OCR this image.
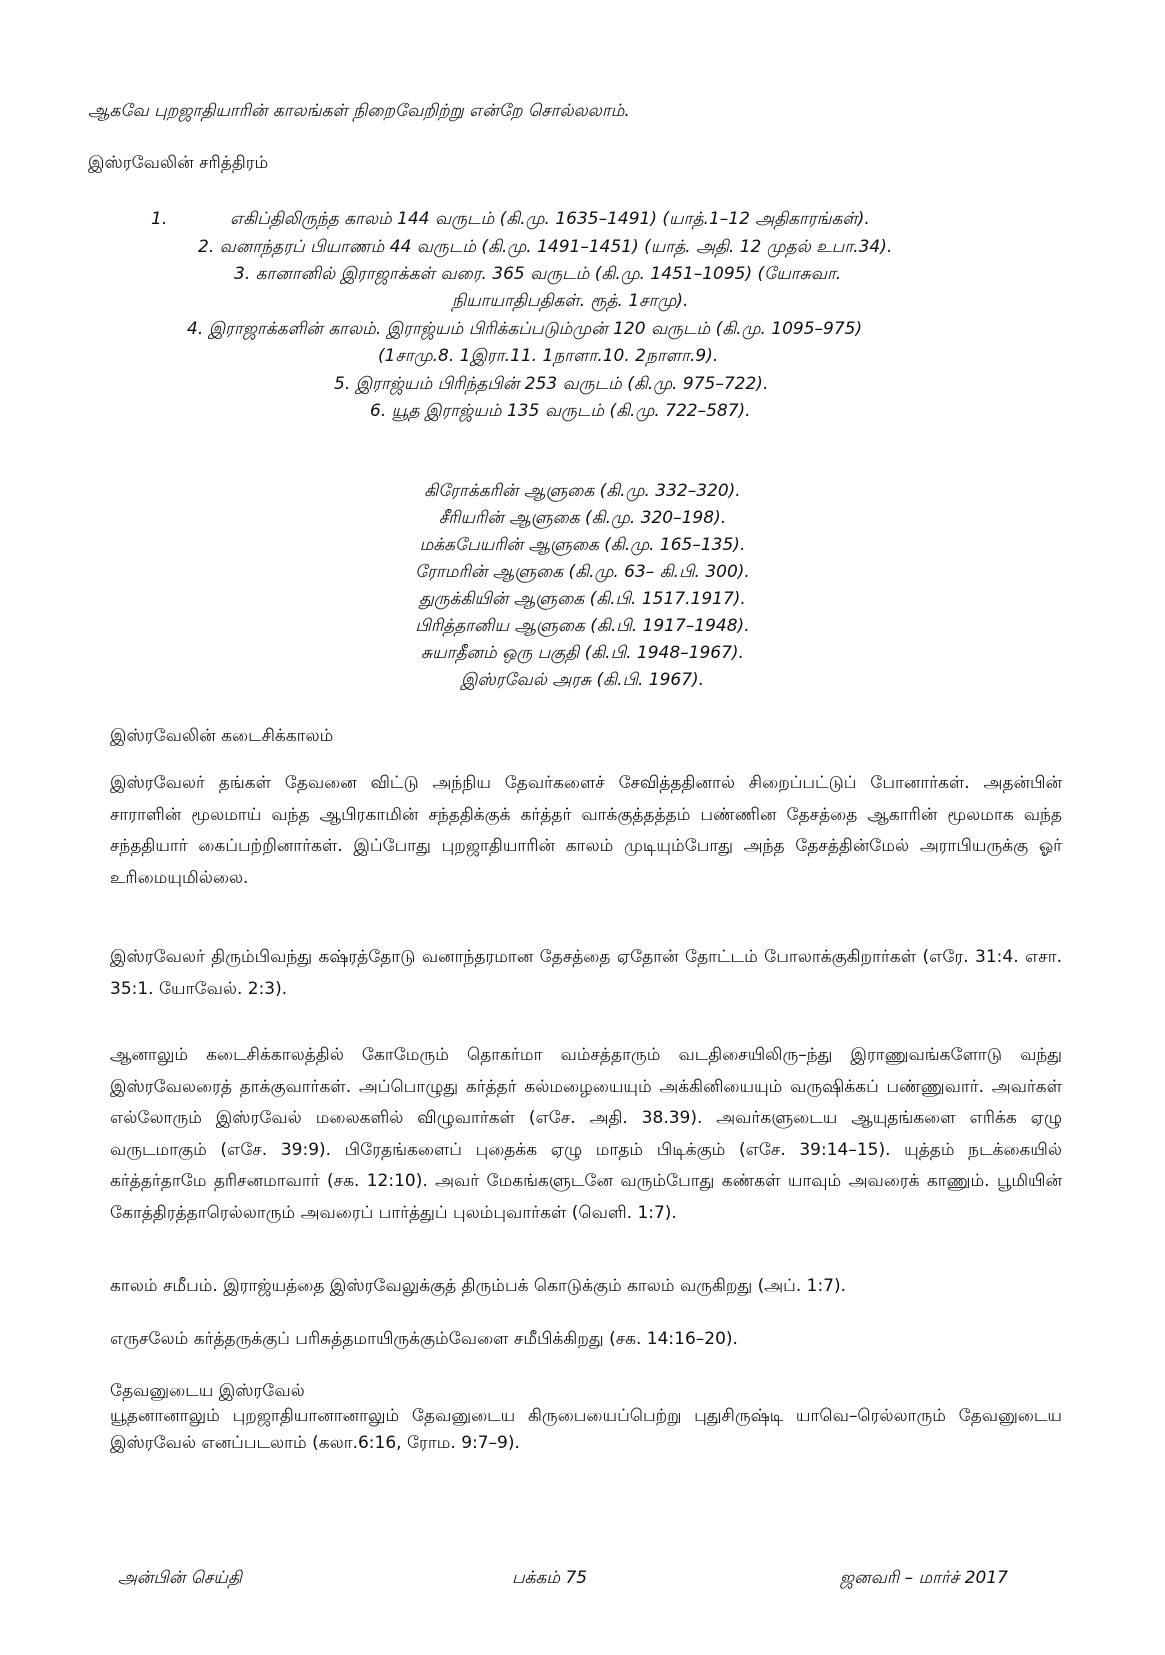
ஆகவே புறஜாதியாரின் காலங்கள் நிறைவேறிற்று என்றே சொல்லலாம்.

இஸ்ரவேலின் சரித்திரம்

1.	எகிப்திலிருந்த காலம் 144 வருடம் (கி.மு. 1635–1491) (யாத்.1–12 அதிகாரங்கள்).

2. வனாந்தரப் பியாணம் 44 வருடம் (கி.மு. 1491–1451) (யாத். அதி. 12 முதல் உபா.34).

3. கானானில் இராஜாக்கள் வரை. 365 வருடம் (கி.மு. 1451–1095) (யோசுவா.

நியாயாதிபதிகள். ரூத். 1சாமு).

4. இராஜாக்களின் காலம். இராஜ்யம் பிரிக்கப்படும்முன் 120 வருடம் (கி.மு. 1095–975)

(1சாமு.8. 1இரா.11. 1நாளா.10. 2நாளா.9).

5. இராஜ்யம் பிரிந்தபின் 253 வருடம் (கி.மு. 975–722).

6. யூத இராஜ்யம் 135 வருடம் (கி.மு. 722–587).

கிரோக்கரின் ஆளுகை (கி.மு. 332–320).

சீரியரின் ஆளுகை (கி.மு. 320–198).

மக்கபேயரின் ஆளுகை (கி.மு. 165–135).

ரோமரின் ஆளுகை (கி.மு. 63– கி.பி. 300).

துருக்கியின் ஆளுகை (கி.பி. 1517.1917).

பிரித்தானிய ஆளுகை (கி.பி. 1917–1948).

சுயாதீனம் ஒரு பகுதி (கி.பி. 1948–1967).

இஸ்ரவேல் அரசு (கி.பி. 1967).

இஸ்ரவேலின் கடைசிக்காலம்

இஸ்ரவேலர் தங்கள் தேவனை விட்டு அந்நிய தேவர்களைச் சேவித்ததினால் சிறைப்பட்டுப் போனார்கள். அதன்பின் சாராளின் மூலமாய் வந்த ஆபிரகாமின் சந்ததிக்குக் கர்த்தர் வாக்குத்தத்தம் பண்ணின தேசத்தை ஆகாரின் மூலமாக வந்த சந்ததியார் கைப்பற்றினார்கள். இப்போது புறஜாதியாரின் காலம் முடியும்போது அந்த தேசத்தின்மேல் அராபியருக்கு ஓர் உரிமையுமில்லை.

இஸ்ரவேலர் திரும்பிவந்து கஷ்ரத்தோடு வனாந்தரமான தேசத்தை ஏதோன் தோட்டம் போலாக்குகிறார்கள் (எரே. 31:4. எசா. 35:1. யோவேல். 2:3).

ஆனாலும் கடைசிக்காலத்தில் கோமேரும் தொகர்மா வம்சத்தாரும் வடதிசையிலிரு–ந்து இராணுவங்களோடு வந்து இஸ்ரவேலரைத் தாக்குவார்கள். அப்பொழுது கர்த்தர் கல்மழையையும் அக்கினியையும் வருஷிக்கப் பண்ணுவார். அவர்கள் எல்லோரும் இஸ்ரவேல் மலைகளில் விழுவார்கள் (எசே. அதி. 38.39). அவர்களுடைய ஆயுதங்களை எரிக்க ஏழு வருடமாகும் (எசே. 39:9). பிரேதங்களைப் புதைக்க ஏழு மாதம் பிடிக்கும் (எசே. 39:14–15). யுத்தம் நடக்கையில் கர்த்தர்தாமே தரிசனமாவார் (சக. 12:10). அவர் மேகங்களுடனே வரும்போது கண்கள் யாவும் அவரைக் காணும். பூமியின் கோத்திரத்தாரெல்லாரும் அவரைப் பார்த்துப் புலம்புவார்கள் (வெளி. 1:7).

காலம் சமீபம். இராஜ்யத்தை இஸ்ரவேலுக்குத் திரும்பக் கொடுக்கும் காலம் வருகிறது (அப். 1:7).

எருசலேம் கர்த்தருக்குப் பரிசுத்தமாயிருக்கும்வேளை சமீபிக்கிறது (சக. 14:16–20).

தேவனுடைய இஸ்ரவேல்

யூதனானாலும் புறஜாதியானானாலும் தேவனுடைய கிருபையைப்பெற்று புதுசிருஷ்டி யாவெ–ரெல்லாரும் தேவனுடைய இஸ்ரவேல் எனப்படலாம் (கலா.6:16, ரோம. 9:7–9).

அன்பின் செய்தி	பக்கம் 75	ஜனவரி – மார்ச் 2017
